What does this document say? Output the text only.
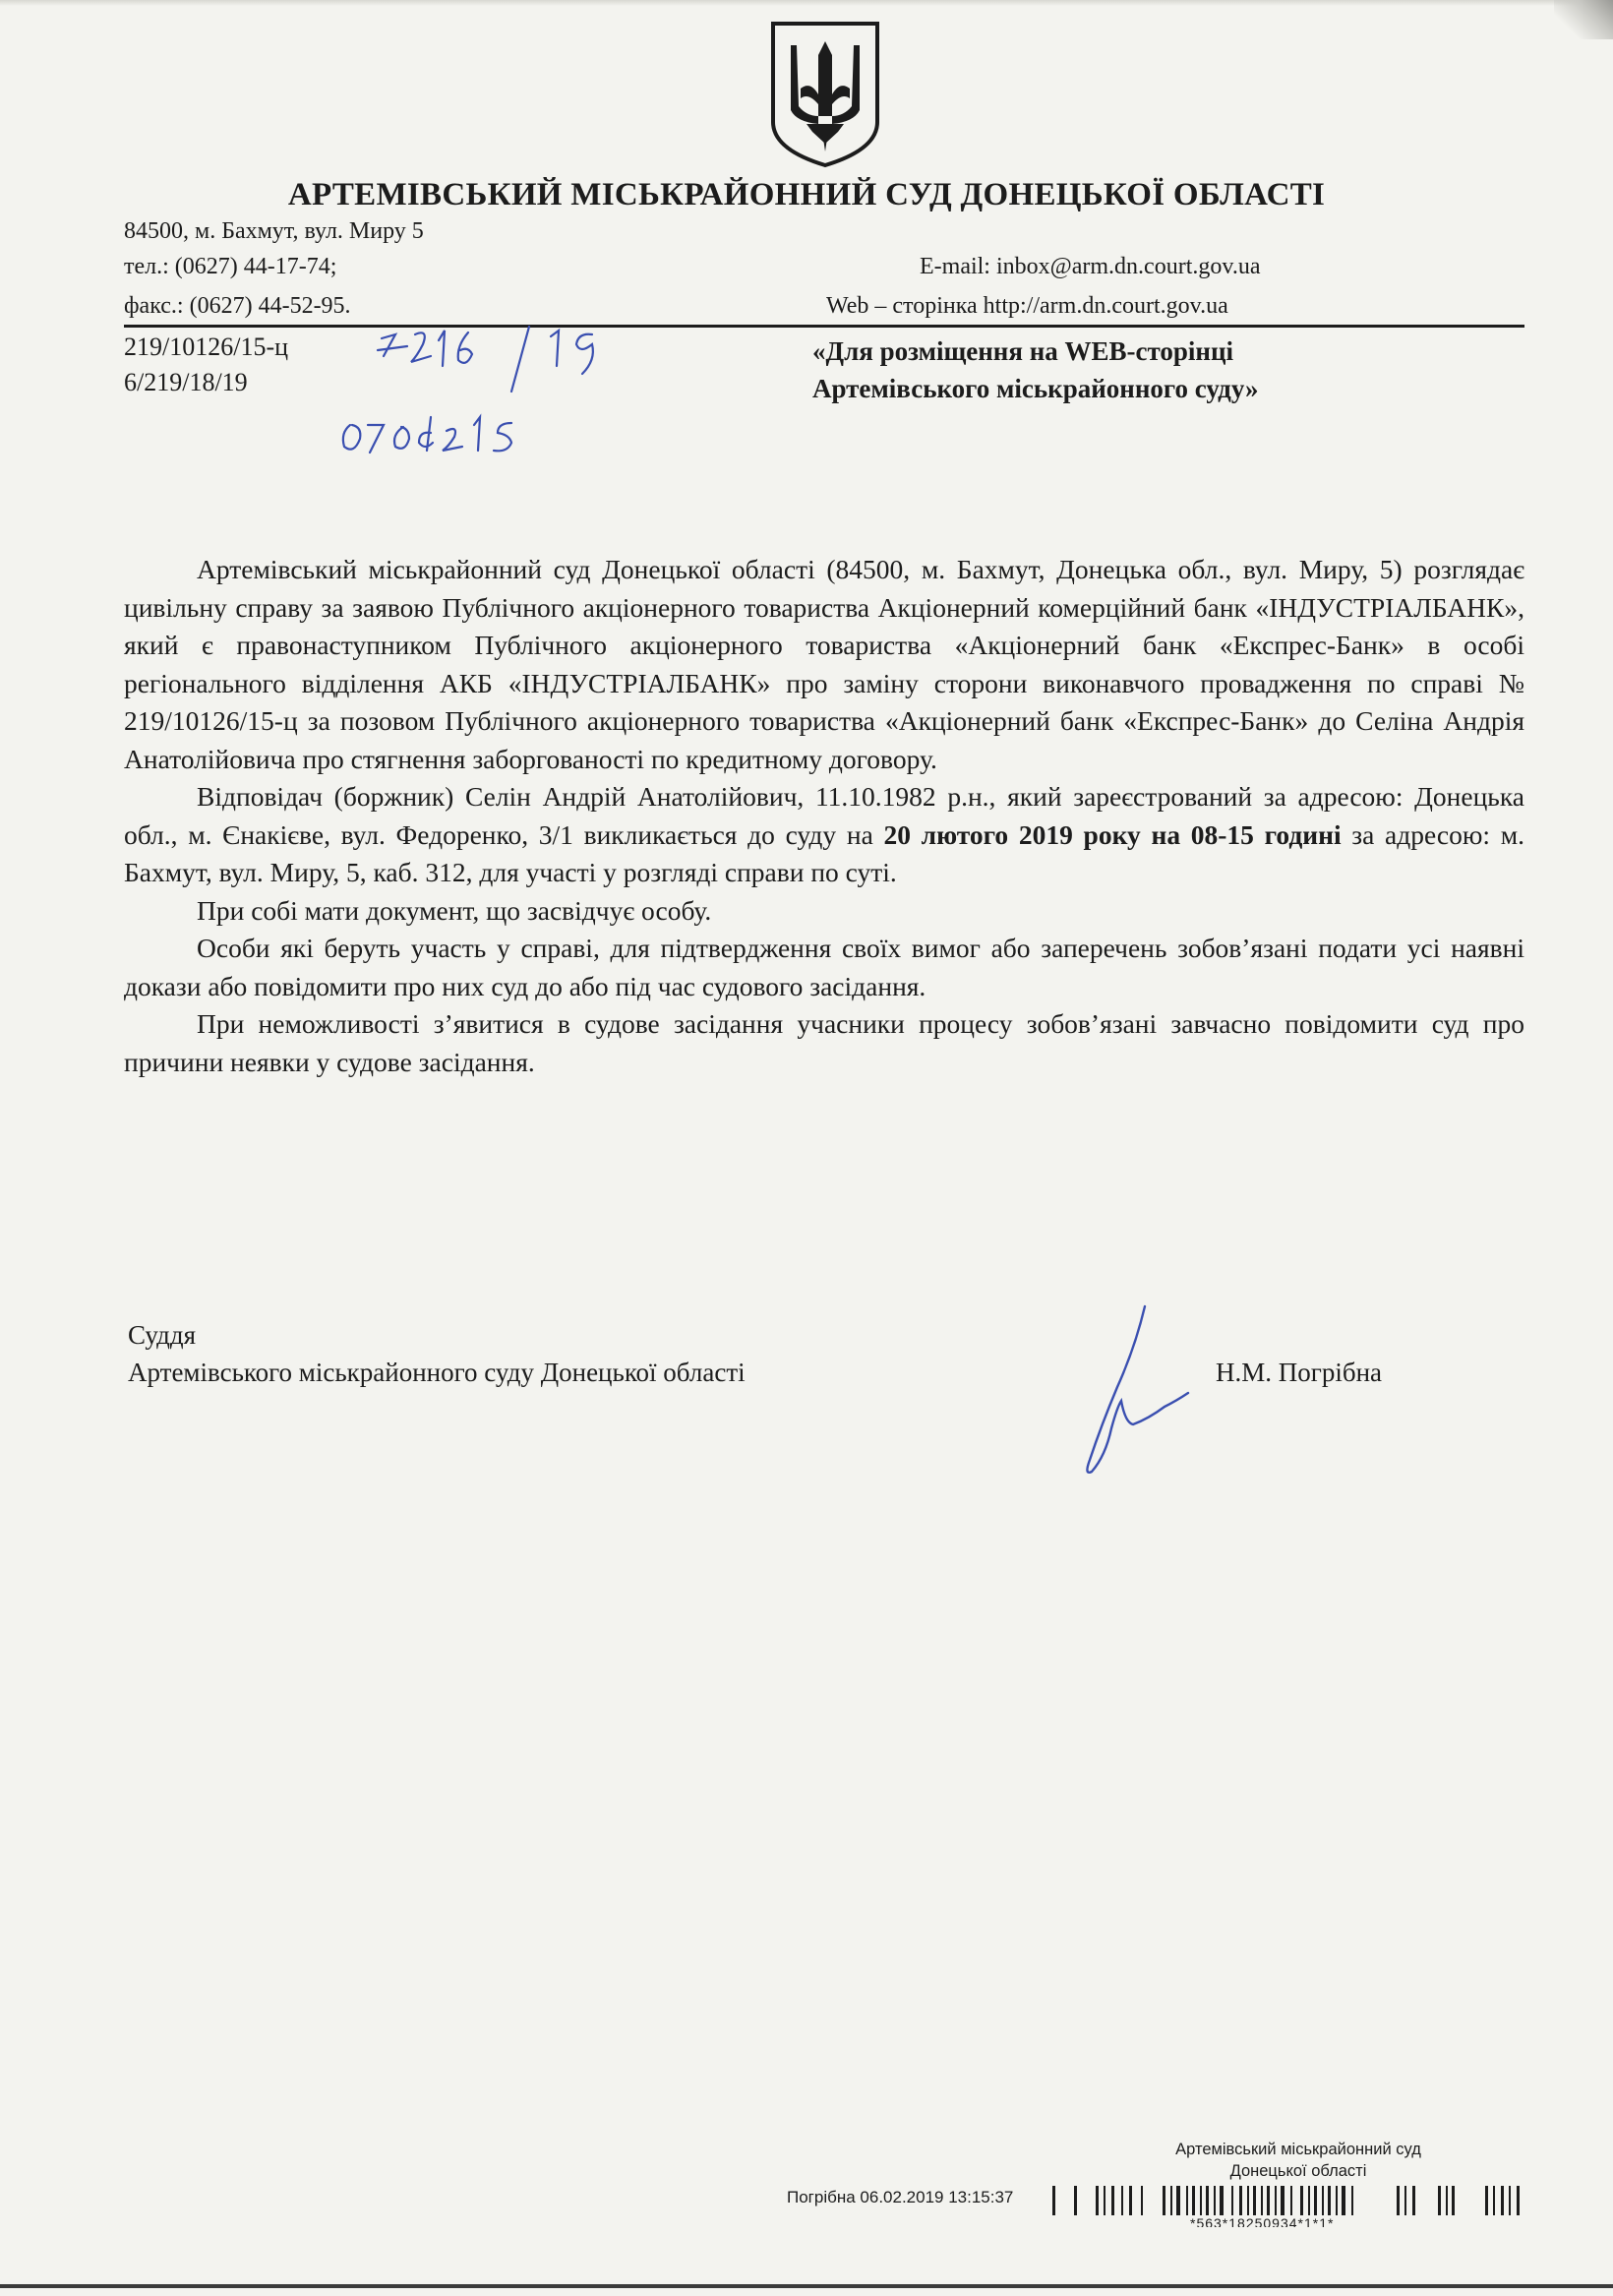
АРТЕМІВСЬКИЙ МІСЬКРАЙОННИЙ СУД ДОНЕЦЬКОЇ ОБЛАСТІ
84500, м. Бахмут, вул. Миру 5
тел.: (0627) 44-17-74;
факс.: (0627) 44-52-95.
E-mail: inbox@arm.dn.court.gov.ua
Web – сторінка http://arm.dn.court.gov.ua
219/10126/15-ц
6/219/18/19
«Для розміщення на WEB-сторінці
Артемівського міськрайонного суду»

Артемівський міськрайонний суд Донецької області (84500, м. Бахмут, Донецька обл., вул. Миру, 5) розглядає цивільну справу за заявою Публічного акціонерного товариства Акціонерний комерційний банк «ІНДУСТРІАЛБАНК», який є правонаступником Публічного акціонерного товариства «Акціонерний банк «Експрес-Банк» в особі регіонального відділення АКБ «ІНДУСТРІАЛБАНК» про заміну сторони виконавчого провадження по справі № 219/10126/15-ц за позовом Публічного акціонерного товариства «Акціонерний банк «Експрес-Банк» до Селіна Андрія Анатолійовича про стягнення заборгованості по кредитному договору.

Відповідач (боржник) Селін Андрій Анатолійович, 11.10.1982 р.н., який зареєстрований за адресою: Донецька обл., м. Єнакієве, вул. Федоренко, 3/1 викликається до суду на 20 лютого 2019 року на 08-15 годині за адресою: м. Бахмут, вул. Миру, 5, каб. 312, для участі у розгляді справи по суті.

При собі мати документ, що засвідчує особу.

Особи які беруть участь у справі, для підтвердження своїх вимог або заперечень зобов’язані подати усі наявні докази або повідомити про них суд до або під час судового засідання.

При неможливості з’явитися в судове засідання учасники процесу зобов’язані завчасно повідомити суд про причини неявки у судове засідання.

Суддя
Артемівського міськрайонного суду Донецької області	Н.М. Погрібна
Артемівський міськрайонний суд
Донецької області
Погрібна 06.02.2019 13:15:37
*563*18250934*1*1*
